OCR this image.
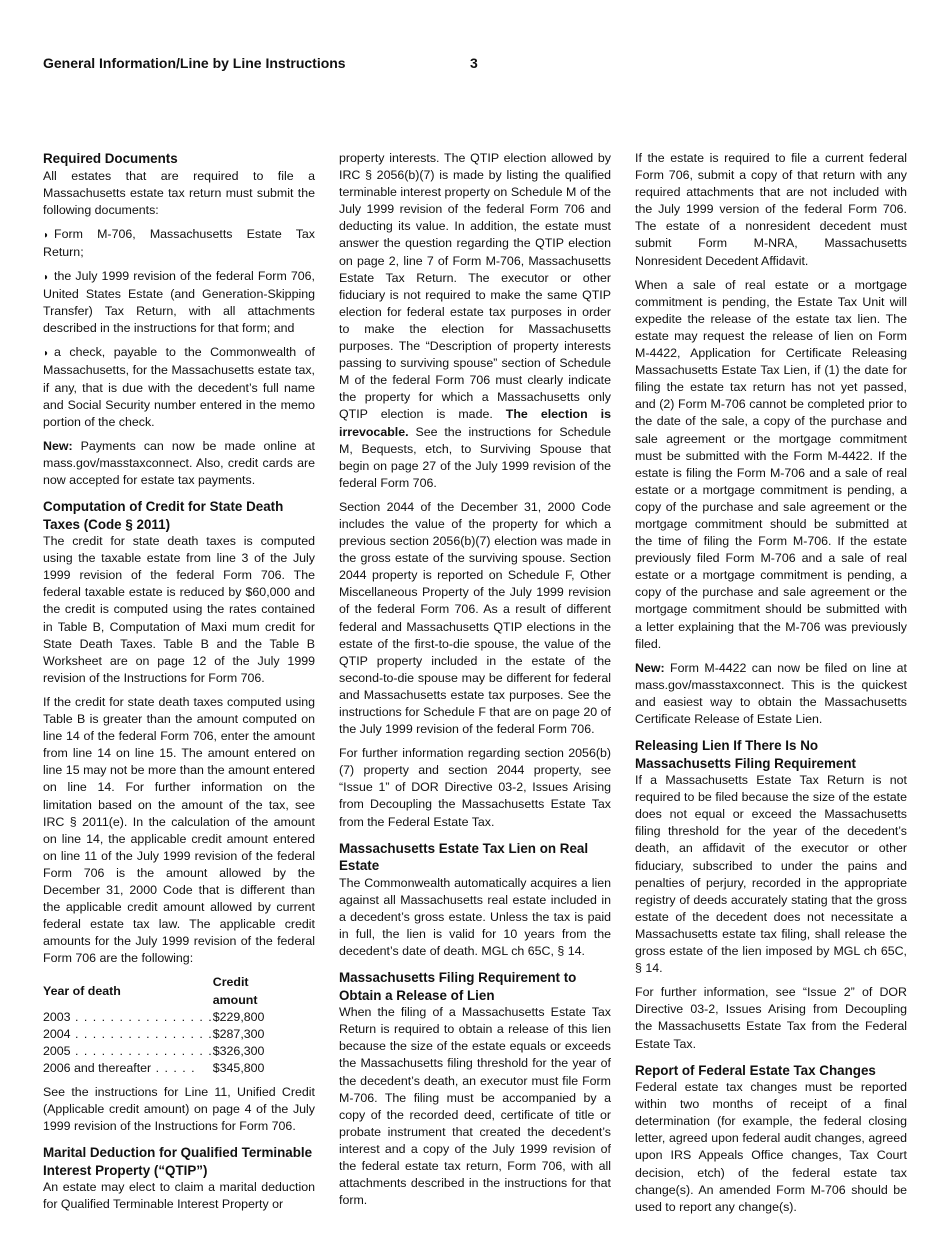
General Information/Line by Line Instructions	3
Required Documents

All estates that are required to file a Massachusetts estate tax return must submit the following documents:

◗ Form M-706, Massachusetts Estate Tax Return;
◗ the July 1999 revision of the federal Form 706, United States Estate (and Generation-Skipping Transfer) Tax Return, with all attachments described in the instructions for that form; and
◗ a check, payable to the Commonwealth of Massachusetts, for the Massachusetts estate tax, if any, that is due with the decedent’s full name and Social Security number entered in the memo portion of the check.

New: Payments can now be made online at mass.gov/masstaxconnect. Also, credit cards are now accepted for estate tax payments.

Computation of Credit for State Death Taxes (Code § 2011)

The credit for state death taxes is computed using the taxable estate from line 3 of the July 1999 revision of the federal Form 706. The federal taxable estate is reduced by $60,000 and the credit is computed using the rates contained in Table B, Computation of Maxi mum credit for State Death Taxes. Table B and the Table B Worksheet are on page 12 of the July 1999 revision of the Instructions for Form 706.

If the credit for state death taxes computed using Table B is greater than the amount computed on line 14 of the federal Form 706, enter the amount from line 14 on line 15. The amount entered on line 15 may not be more than the amount entered on line 14. For further information on the limitation based on the amount of the tax, see IRC § 2011(e). In the calculation of the amount on line 14, the applicable credit amount entered on line 11 of the July 1999 revision of the federal Form 706 is the amount allowed by the December 31, 2000 Code that is different than the applicable credit amount allowed by current federal estate tax law. The applicable credit amounts for the July 1999 revision of the federal Form 706 are the following:

Year of death	Credit amount
2003 . . . . . . . . . . . . . . . .	$229,800
2004 . . . . . . . . . . . . . . . .	$287,300
2005 . . . . . . . . . . . . . . . .	$326,300
2006 and thereafter . . . . .	$345,800

See the instructions for Line 11, Unified Credit (Applicable credit amount) on page 4 of the July 1999 revision of the Instructions for Form 706.

Marital Deduction for Qualified Terminable Interest Property (“QTIP”)

An estate may elect to claim a marital deduction for Qualified Terminable Interest Property or

property interests. The QTIP election allowed by IRC § 2056(b)(7) is made by listing the qualified terminable interest property on Schedule M of the July 1999 revision of the federal Form 706 and deducting its value. In addition, the estate must answer the question regarding the QTIP election on page 2, line 7 of Form M-706, Massachusetts Estate Tax Return. The executor or other fiduciary is not required to make the same QTIP election for federal estate tax purposes in order to make the election for Massachusetts purposes. The “Description of property interests passing to surviving spouse” section of Schedule M of the federal Form 706 must clearly indicate the property for which a Massachusetts only QTIP election is made. The election is irrevocable. See the instructions for Schedule M, Bequests, etch, to Surviving Spouse that begin on page 27 of the July 1999 revision of the federal Form 706.

Section 2044 of the December 31, 2000 Code includes the value of the property for which a previous section 2056(b)(7) election was made in the gross estate of the surviving spouse. Section 2044 property is reported on Schedule F, Other Miscellaneous Property of the July 1999 revision of the federal Form 706. As a result of different federal and Massachusetts QTIP elections in the estate of the first-to-die spouse, the value of the QTIP property included in the estate of the second-to-die spouse may be different for federal and Massachusetts estate tax purposes. See the instructions for Schedule F that are on page 20 of the July 1999 revision of the federal Form 706.

For further information regarding section 2056(b)(7) property and section 2044 property, see “Issue 1” of DOR Directive 03-2, Issues Arising from Decoupling the Massachusetts Estate Tax from the Federal Estate Tax.

Massachusetts Estate Tax Lien on Real Estate

The Commonwealth automatically acquires a lien against all Massachusetts real estate included in a decedent’s gross estate. Unless the tax is paid in full, the lien is valid for 10 years from the decedent’s date of death. MGL ch 65C, § 14.

Massachusetts Filing Requirement to Obtain a Release of Lien

When the filing of a Massachusetts Estate Tax Return is required to obtain a release of this lien because the size of the estate equals or exceeds the Massachusetts filing threshold for the year of the decedent’s death, an executor must file Form M-706. The filing must be accompanied by a copy of the recorded deed, certificate of title or probate instrument that created the decedent’s interest and a copy of the July 1999 revision of the federal estate tax return, Form 706, with all attachments described in the instructions for that form.

If the estate is required to file a current federal Form 706, submit a copy of that return with any required attachments that are not included with the July 1999 version of the federal Form 706. The estate of a nonresident decedent must submit Form M-NRA, Massachusetts Nonresident Decedent Affidavit.

When a sale of real estate or a mortgage commitment is pending, the Estate Tax Unit will expedite the release of the estate tax lien. The estate may request the release of lien on Form M-4422, Application for Certificate Releasing Massachusetts Estate Tax Lien, if (1) the date for filing the estate tax return has not yet passed, and (2) Form M-706 cannot be completed prior to the date of the sale, a copy of the purchase and sale agreement or the mortgage commitment must be submitted with the Form M-4422. If the estate is filing the Form M-706 and a sale of real estate or a mortgage commitment is pending, a copy of the purchase and sale agreement or the mortgage commitment should be submitted at the time of filing the Form M-706. If the estate previously filed Form M-706 and a sale of real estate or a mortgage commitment is pending, a copy of the purchase and sale agreement or the mortgage commitment should be submitted with a letter explaining that the M-706 was previously filed.

New: Form M-4422 can now be filed on line at mass.gov/masstaxconnect. This is the quickest and easiest way to obtain the Massachusetts Certificate Release of Estate Lien.

Releasing Lien If There Is No Massachusetts Filing Requirement

If a Massachusetts Estate Tax Return is not required to be filed because the size of the estate does not equal or exceed the Massachusetts filing threshold for the year of the decedent’s death, an affidavit of the executor or other fiduciary, subscribed to under the pains and penalties of perjury, recorded in the appropriate registry of deeds accurately stating that the gross estate of the decedent does not necessitate a Massachusetts estate tax filing, shall release the gross estate of the lien imposed by MGL ch 65C, § 14.

For further information, see “Issue 2” of DOR Directive 03-2, Issues Arising from Decoupling the Massachusetts Estate Tax from the Federal Estate Tax.

Report of Federal Estate Tax Changes

Federal estate tax changes must be reported within two months of receipt of a final determination (for example, the federal closing letter, agreed upon federal audit changes, agreed upon IRS Appeals Office changes, Tax Court decision, etch) of the federal estate tax change(s). An amended Form M-706 should be used to report any change(s).
